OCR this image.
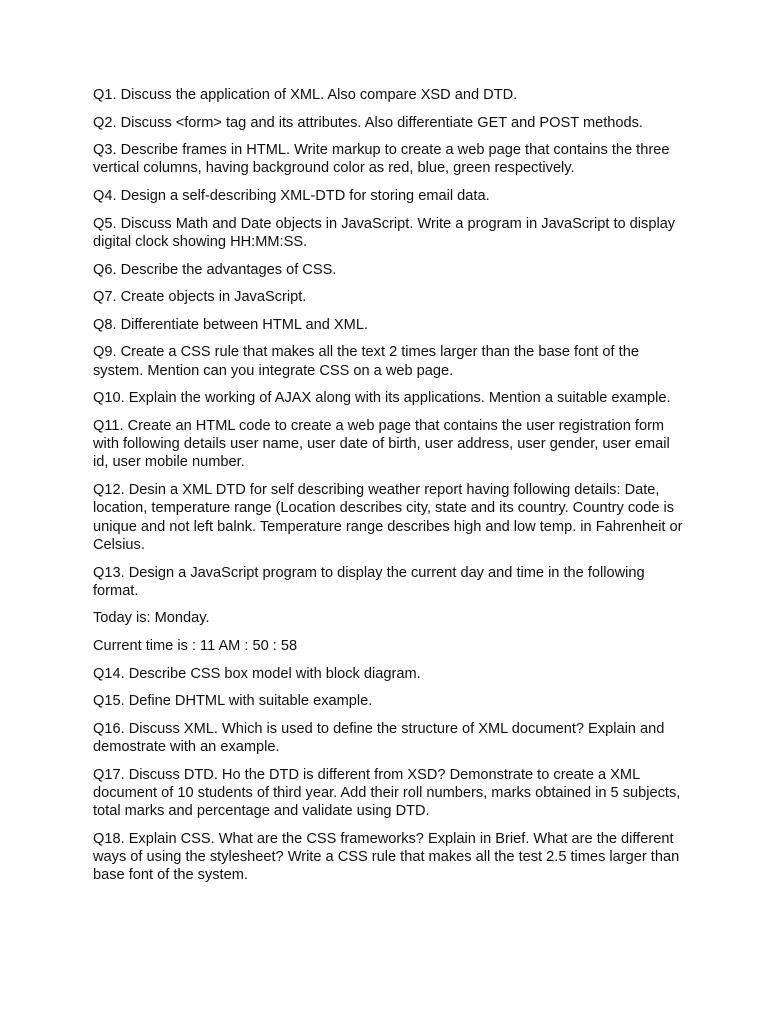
Q1. Discuss the application of XML. Also compare XSD and DTD.

Q2. Discuss <form> tag and its attributes. Also differentiate GET and POST methods.

Q3. Describe frames in HTML. Write markup to create a web page that contains the three vertical columns, having background color as red, blue, green respectively.

Q4. Design a self-describing XML-DTD for storing email data.

Q5. Discuss Math and Date objects in JavaScript. Write a program in JavaScript to display digital clock showing HH:MM:SS.

Q6. Describe the advantages of CSS.

Q7. Create objects in JavaScript.

Q8. Differentiate between HTML and XML.

Q9. Create a CSS rule that makes all the text 2 times larger than the base font of the system. Mention can you integrate CSS on a web page.

Q10. Explain the working of AJAX along with its applications. Mention a suitable example.

Q11. Create an HTML code to create a web page that contains the user registration form with following details user name, user date of birth, user address, user gender, user email id, user mobile number.

Q12. Desin a XML DTD for self describing weather report having following details: Date, location, temperature range (Location describes city, state and its country. Country code is unique and not left balnk. Temperature range describes high and low temp. in Fahrenheit or Celsius.

Q13. Design a JavaScript program to display the current day and time in the following format.

Today is: Monday.

Current time is : 11 AM : 50 : 58

Q14. Describe CSS box model with block diagram.

Q15. Define DHTML with suitable example.

Q16. Discuss XML. Which is used to define the structure of XML document? Explain and demostrate with an example.

Q17. Discuss DTD. Ho the DTD is different from XSD? Demonstrate to create a XML document of 10 students of third year. Add their roll numbers, marks obtained in 5 subjects, total marks and percentage and validate using DTD.

Q18. Explain CSS. What are the CSS frameworks? Explain in Brief. What are the different ways of using the stylesheet? Write a CSS rule that makes all the test 2.5 times larger than base font of the system.
